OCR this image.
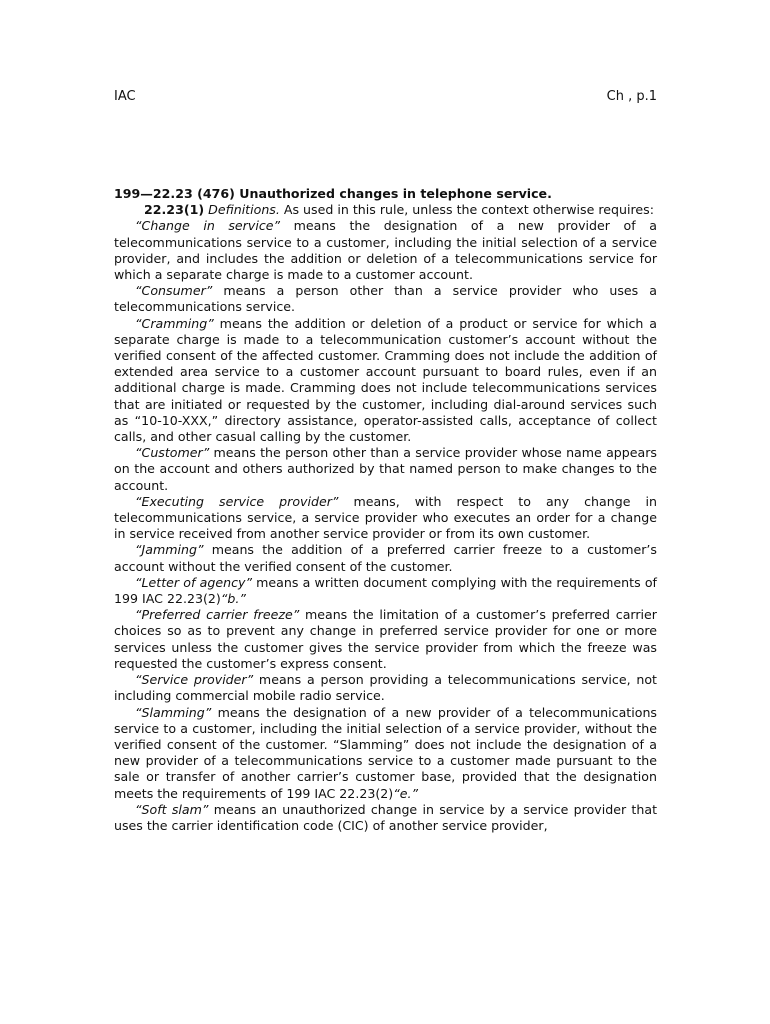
IAC	Ch , p.1

199—22.23 (476) Unauthorized changes in telephone service.

22.23(1) Definitions. As used in this rule, unless the context otherwise requires:

“Change in service” means the designation of a new provider of a telecommunications service to a customer, including the initial selection of a service provider, and includes the addition or deletion of a telecommunications service for which a separate charge is made to a customer account.

“Consumer” means a person other than a service provider who uses a telecommunications service.

“Cramming” means the addition or deletion of a product or service for which a separate charge is made to a telecommunication customer’s account without the verified consent of the affected customer. Cramming does not include the addition of extended area service to a customer account pursuant to board rules, even if an additional charge is made. Cramming does not include telecommunications services that are initiated or requested by the customer, including dial-around services such as “10-10-XXX,” directory assistance, operator-assisted calls, acceptance of collect calls, and other casual calling by the customer.

“Customer” means the person other than a service provider whose name appears on the account and others authorized by that named person to make changes to the account.

“Executing service provider” means, with respect to any change in telecommunications service, a service provider who executes an order for a change in service received from another service provider or from its own customer.

“Jamming” means the addition of a preferred carrier freeze to a customer’s account without the verified consent of the customer.

“Letter of agency” means a written document complying with the requirements of 199 IAC 22.23(2)“b.”

“Preferred carrier freeze” means the limitation of a customer’s preferred carrier choices so as to prevent any change in preferred service provider for one or more services unless the customer gives the service provider from which the freeze was requested the customer’s express consent.

“Service provider” means a person providing a telecommunications service, not including commercial mobile radio service.

“Slamming” means the designation of a new provider of a telecommunications service to a customer, including the initial selection of a service provider, without the verified consent of the customer. “Slamming” does not include the designation of a new provider of a telecommunications service to a customer made pursuant to the sale or transfer of another carrier’s customer base, provided that the designation meets the requirements of 199 IAC 22.23(2)“e.”

“Soft slam” means an unauthorized change in service by a service provider that uses the carrier identification code (CIC) of another service provider,
